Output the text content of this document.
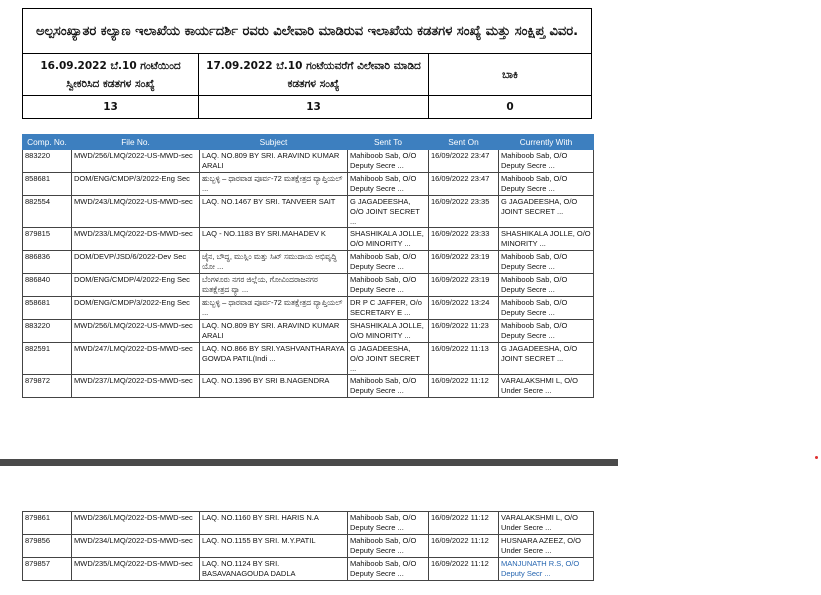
ಅಲ್ಪಸಂಖ್ಯಾತರ ಕಲ್ಯಾಣ ಇಲಾಖೆಯ ಕಾರ್ಯದರ್ಶಿ ರವರು ವಿಲೇವಾರಿ ಮಾಡಿರುವ ಇಲಾಖೆಯ ಕಡತಗಳ ಸಂಖ್ಯೆ ಮತ್ತು ಸಂಕ್ಷಿಪ್ತ ವಿವರ.		
16.09.2022 ಬೆ.10 ಗಂಟೆಯಿಂದ ಸ್ವೀಕರಿಸಿದ ಕಡತಗಳ ಸಂಖ್ಯೆ	17.09.2022 ಬೆ.10 ಗಂಟೆಯವರೆಗೆ ವಿಲೇವಾರಿ ಮಾಡಿದ ಕಡತಗಳ ಸಂಖ್ಯೆ	ಬಾಕಿ
13	13	0
Comp. No.	File No.	Subject	Sent To	Sent On	Currently With
883220	MWD/256/LMQ/2022-US-MWD-sec	LAQ. NO.809 BY SRI. ARAVIND KUMAR ARALI	Mahiboob Sab, O/O Deputy Secre ...	16/09/2022 23:47	Mahiboob Sab, O/O Deputy Secre ...
858681	DOM/ENG/CMDP/3/2022-Eng Sec	ಹುಬ್ಬಳ್ಳಿ – ಧಾರವಾಡ ಪೂರ್ವ-72 ಮತಕ್ಷೇತ್ರದ ವ್ಯಾಪ್ತಿಯಲ್ ...	Mahiboob Sab, O/O Deputy Secre ...	16/09/2022 23:47	Mahiboob Sab, O/O Deputy Secre ...
882554	MWD/243/LMQ/2022-US-MWD-sec	LAQ. NO.1467 BY SRI. TANVEER SAIT	G JAGADEESHA, O/O JOINT SECRET ...	16/09/2022 23:35	G JAGADEESHA, O/O JOINT SECRET ...
879815	MWD/233/LMQ/2022-DS-MWD-sec	LAQ - NO.1183 BY SRI.MAHADEV K	SHASHIKALA JOLLE, O/O MINORITY ...	16/09/2022 23:33	SHASHIKALA JOLLE, O/O MINORITY ...
886836	DOM/DEVP/JSD/6/2022-Dev Sec	ಜೈನ, ಬೌದ್ಧ, ಮುಸ್ಲಿಂ ಮತ್ತು ಸಿಖ್ ಸಮುದಾಯ ಅಭಿವೃದ್ಧಿ ಯೋ ...	Mahiboob Sab, O/O Deputy Secre ...	16/09/2022 23:19	Mahiboob Sab, O/O Deputy Secre ...
886840	DOM/ENG/CMDP/4/2022-Eng Sec	ಬೆಂಗಳೂರು ನಗರ ಜಿಲ್ಲೆಯ, ಗೋವಿಂದರಾಜನಗರ ಮತಕ್ಷೇತ್ರದ ವ್ಯಾ ...	Mahiboob Sab, O/O Deputy Secre ...	16/09/2022 23:19	Mahiboob Sab, O/O Deputy Secre ...
858681	DOM/ENG/CMDP/3/2022-Eng Sec	ಹುಬ್ಬಳ್ಳಿ – ಧಾರವಾಡ ಪೂರ್ವ-72 ಮತಕ್ಷೇತ್ರದ ವ್ಯಾಪ್ತಿಯಲ್ ...	DR P C JAFFER, O/o SECRETARY E ...	16/09/2022 13:24	Mahiboob Sab, O/O Deputy Secre ...
883220	MWD/256/LMQ/2022-US-MWD-sec	LAQ. NO.809 BY SRI. ARAVIND KUMAR ARALI	SHASHIKALA JOLLE, O/O MINORITY ...	16/09/2022 11:23	Mahiboob Sab, O/O Deputy Secre ...
882591	MWD/247/LMQ/2022-DS-MWD-sec	LAQ. NO.866 BY SRI.YASHVANTHARAYA GOWDA PATIL(Indi ...	G JAGADEESHA, O/O JOINT SECRET ...	16/09/2022 11:13	G JAGADEESHA, O/O JOINT SECRET ...
879872	MWD/237/LMQ/2022-DS-MWD-sec	LAQ. NO.1396 BY SRI B.NAGENDRA	Mahiboob Sab, O/O Deputy Secre ...	16/09/2022 11:12	VARALAKSHMI L, O/O Under Secre ...
879861	MWD/236/LMQ/2022-DS-MWD-sec	LAQ. NO.1160 BY SRI. HARIS N.A	Mahiboob Sab, O/O Deputy Secre ...	16/09/2022 11:12	VARALAKSHMI L, O/O Under Secre ...
879856	MWD/234/LMQ/2022-DS-MWD-sec	LAQ. NO.1155 BY SRI. M.Y.PATIL	Mahiboob Sab, O/O Deputy Secre ...	16/09/2022 11:12	HUSNARA AZEEZ, O/O Under Secre ...
879857	MWD/235/LMQ/2022-DS-MWD-sec	LAQ. NO.1124 BY SRI. BASAVANAGOUDA DADLA	Mahiboob Sab, O/O Deputy Secre ...	16/09/2022 11:12	MANJUNATH R.S, O/O Deputy Secr ...
